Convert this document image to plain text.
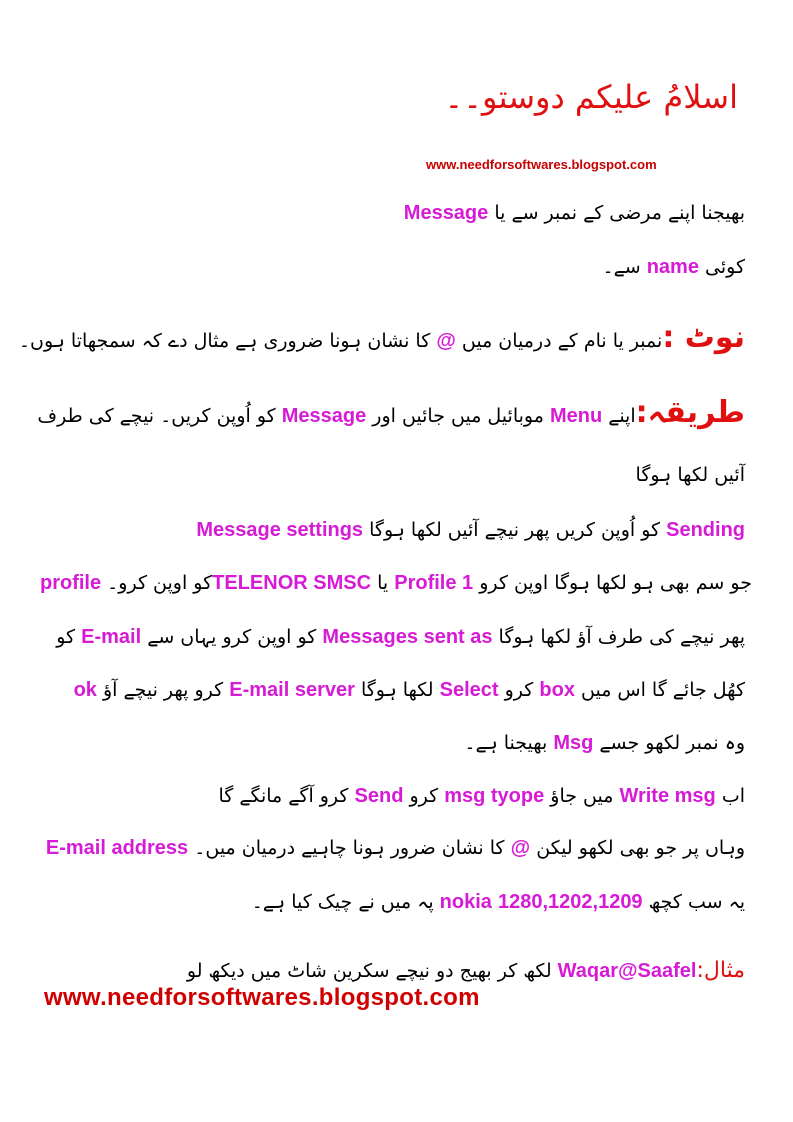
اسلامُ علیکم دوستو۔۔
www.needforsoftwares.blogspot.com
Message بھیجنا اپنے مرضی کے نمبر سے یا
کوئی name سے۔
نوٹ :نمبر یا نام کے درمیان میں @ کا نشان ہونا ضروری ہے مثال دے کہ سمجھاتا ہوں۔
طریقہ:اپنے Menu موبائیل میں جائیں اور Message کو اُوپن کریں۔ نیچے کی طرف
آئیں لکھا ہوگا
Message settings کو اُوپن کریں پھر نیچے آئیں لکھا ہوگا Sending
profile کو اوپن کرو۔TELENOR SMSC یا Profile 1 جو سم بھی ہو لکھا ہوگا اوپن کرو
پھر نیچے کی طرف آؤ لکھا ہوگا Messages sent as کو اوپن کرو یہاں سے E-mail کو
ok کرو پھر نیچے آؤ E-mail server لکھا ہوگا Select کرو box کھُل جائے گا اس میں
وہ نمبر لکھو جسے Msg بھیجنا ہے۔
اب Write msg میں جاؤ msg tyope کرو Send کرو آگے مانگے گا
E-mail address وہاں پر جو بھی لکھو لیکن @ کا نشان ضرور ہونا چاہیے درمیان میں۔
یہ سب کچھ 1280,1202,1209 nokia پہ میں نے چیک کیا ہے۔
مثال:Waqar@Saafel لکھ کر بھیج دو نیچے سکرین شاٹ میں دیکھ لو
www.needforsoftwares.blogspot.com
